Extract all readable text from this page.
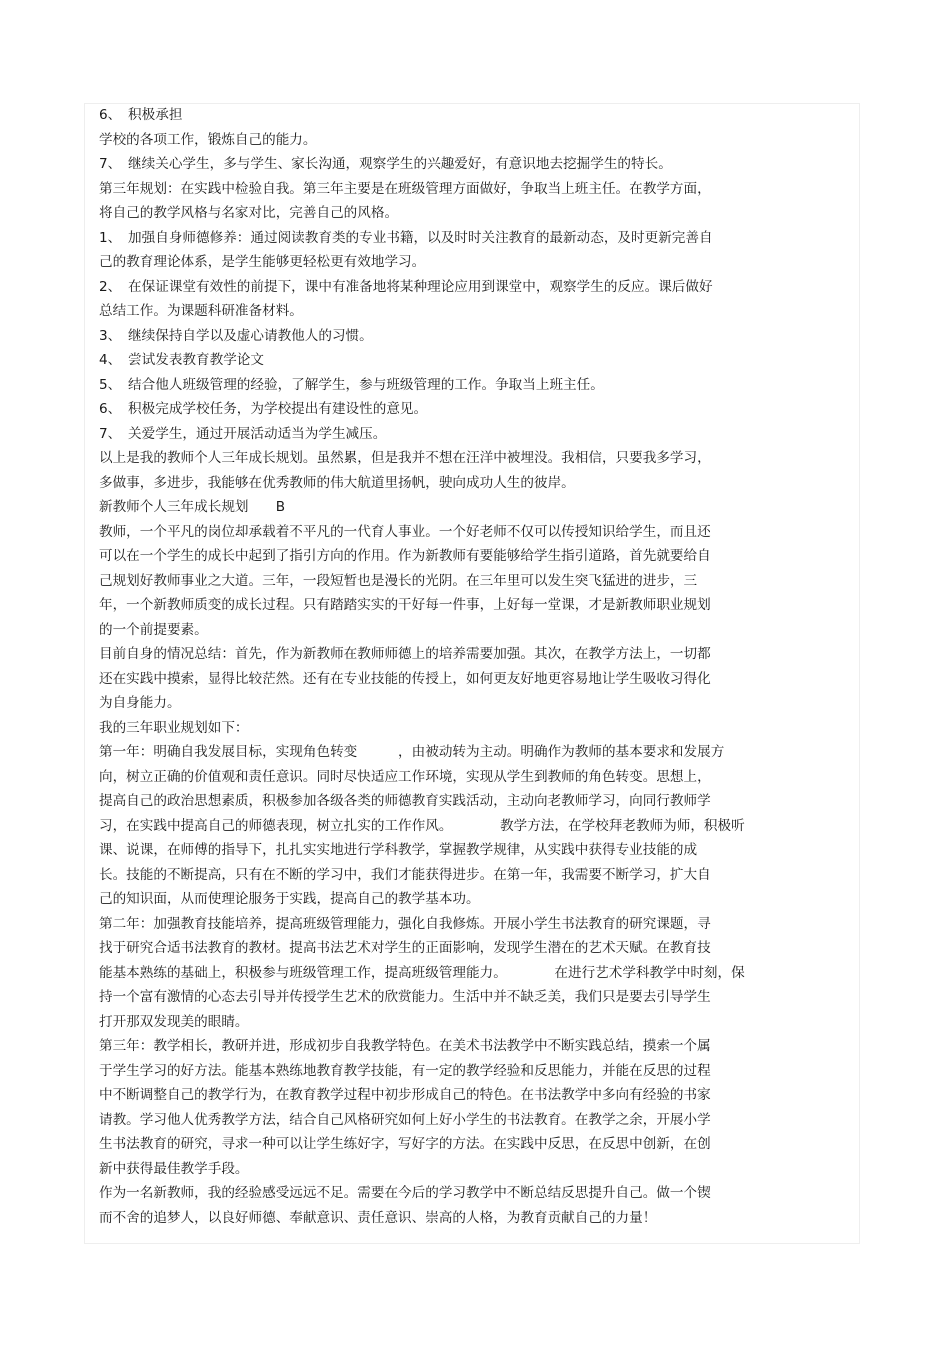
6、　积极承担
学校的各项工作，锻炼自己的能力。
7、　继续关心学生，多与学生、家长沟通，观察学生的兴趣爱好，有意识地去挖掘学生的特长。
第三年规划：在实践中检验自我。第三年主要是在班级管理方面做好，争取当上班主任。在教学方面，
将自己的教学风格与名家对比，完善自己的风格。
1、　加强自身师德修养：通过阅读教育类的专业书籍，以及时时关注教育的最新动态，及时更新完善自
己的教育理论体系，是学生能够更轻松更有效地学习。
2、　在保证课堂有效性的前提下，课中有准备地将某种理论应用到课堂中，观察学生的反应。课后做好
总结工作。为课题科研准备材料。
3、　继续保持自学以及虚心请教他人的习惯。
4、　尝试发表教育教学论文
5、　结合他人班级管理的经验，了解学生，参与班级管理的工作。争取当上班主任。
6、　积极完成学校任务，为学校提出有建设性的意见。
7、　关爱学生，通过开展活动适当为学生减压。
以上是我的教师个人三年成长规划。虽然累，但是我并不想在汪洋中被埋没。我相信，只要我多学习，
多做事，多进步，我能够在优秀教师的伟大航道里扬帆，驶向成功人生的彼岸。
新教师个人三年成长规划　　B
教师，一个平凡的岗位却承载着不平凡的一代育人事业。一个好老师不仅可以传授知识给学生，而且还
可以在一个学生的成长中起到了指引方向的作用。作为新教师有要能够给学生指引道路，首先就要给自
己规划好教师事业之大道。三年，一段短暂也是漫长的光阴。在三年里可以发生突飞猛进的进步，三
年，一个新教师质变的成长过程。只有踏踏实实的干好每一件事，上好每一堂课，才是新教师职业规划
的一个前提要素。
目前自身的情况总结：首先，作为新教师在教师师德上的培养需要加强。其次，在教学方法上，一切都
还在实践中摸索，显得比较茫然。还有在专业技能的传授上，如何更友好地更容易地让学生吸收习得化
为自身能力。
我的三年职业规划如下：
第一年：明确自我发展目标，实现角色转变　　　，由被动转为主动。明确作为教师的基本要求和发展方
向，树立正确的价值观和责任意识。同时尽快适应工作环境，实现从学生到教师的角色转变。思想上，
提高自己的政治思想素质，积极参加各级各类的师德教育实践活动，主动向老教师学习，向同行教师学
习，在实践中提高自己的师德表现，树立扎实的工作作风。　　　　教学方法，在学校拜老教师为师，积极听
课、说课，在师傅的指导下，扎扎实实地进行学科教学，掌握教学规律，从实践中获得专业技能的成
长。技能的不断提高，只有在不断的学习中，我们才能获得进步。在第一年，我需要不断学习，扩大自
己的知识面，从而使理论服务于实践，提高自己的教学基本功。
第二年：加强教育技能培养，提高班级管理能力，强化自我修炼。开展小学生书法教育的研究课题，寻
找于研究合适书法教育的教材。提高书法艺术对学生的正面影响，发现学生潜在的艺术天赋。在教育技
能基本熟练的基础上，积极参与班级管理工作，提高班级管理能力。　　　　在进行艺术学科教学中时刻，保
持一个富有激情的心态去引导并传授学生艺术的欣赏能力。生活中并不缺乏美，我们只是要去引导学生
打开那双发现美的眼睛。
第三年：教学相长，教研并进，形成初步自我教学特色。在美术书法教学中不断实践总结，摸索一个属
于学生学习的好方法。能基本熟练地教育教学技能，有一定的教学经验和反思能力，并能在反思的过程
中不断调整自己的教学行为，在教育教学过程中初步形成自己的特色。在书法教学中多向有经验的书家
请教。学习他人优秀教学方法，结合自己风格研究如何上好小学生的书法教育。在教学之余，开展小学
生书法教育的研究，寻求一种可以让学生练好字，写好字的方法。在实践中反思，在反思中创新，在创
新中获得最佳教学手段。
作为一名新教师，我的经验感受远远不足。需要在今后的学习教学中不断总结反思提升自己。做一个锲
而不舍的追梦人，以良好师德、奉献意识、责任意识、崇高的人格，为教育贡献自己的力量！
